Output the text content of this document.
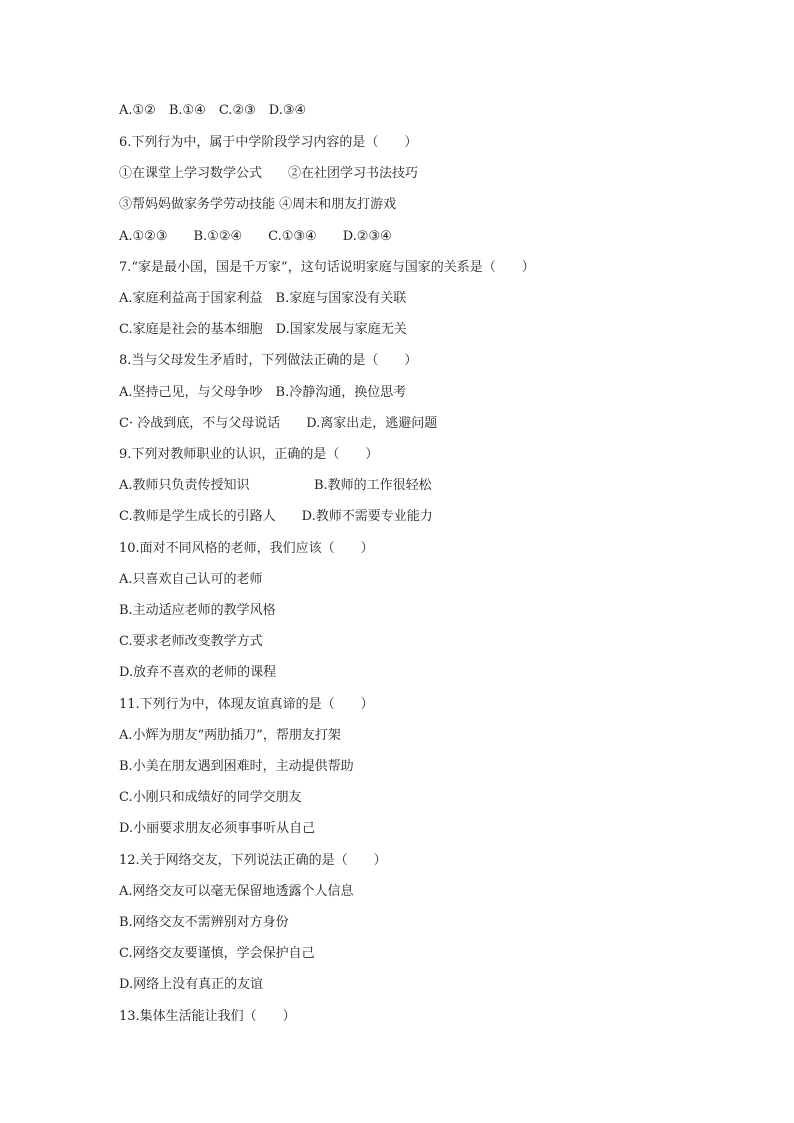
A.①②　B.①④　C.②③　D.③④
6.下列行为中，属于中学阶段学习内容的是（　　）
①在课堂上学习数学公式　　②在社团学习书法技巧
③帮妈妈做家务学劳动技能 ④周末和朋友打游戏
A.①②③　　B.①②④　　C.①③④　　D.②③④
7.“家是最小国，国是千万家”，这句话说明家庭与国家的关系是（　　）
A.家庭利益高于国家利益　B.家庭与国家没有关联
C.家庭是社会的基本细胞　D.国家发展与家庭无关
8.当与父母发生矛盾时，下列做法正确的是（　　）
A.坚持己见，与父母争吵　B.冷静沟通，换位思考
C· 冷战到底，不与父母说话　　D.离家出走，逃避问题
9.下列对教师职业的认识，正确的是（　　）
A.教师只负责传授知识	B.教师的工作很轻松
C.教师是学生成长的引路人　　D.教师不需要专业能力
10.面对不同风格的老师，我们应该（　　）
A.只喜欢自己认可的老师
B.主动适应老师的教学风格
C.要求老师改变教学方式
D.放弃不喜欢的老师的课程
11.下列行为中，体现友谊真谛的是（　　）
A.小辉为朋友“两肋插刀”，帮朋友打架
B.小美在朋友遇到困难时，主动提供帮助
C.小刚只和成绩好的同学交朋友
D.小丽要求朋友必须事事听从自己
12.关于网络交友，下列说法正确的是（　　）
A.网络交友可以毫无保留地透露个人信息
B.网络交友不需辨别对方身份
C.网络交友要谨慎，学会保护自己
D.网络上没有真正的友谊
13.集体生活能让我们（　　）
